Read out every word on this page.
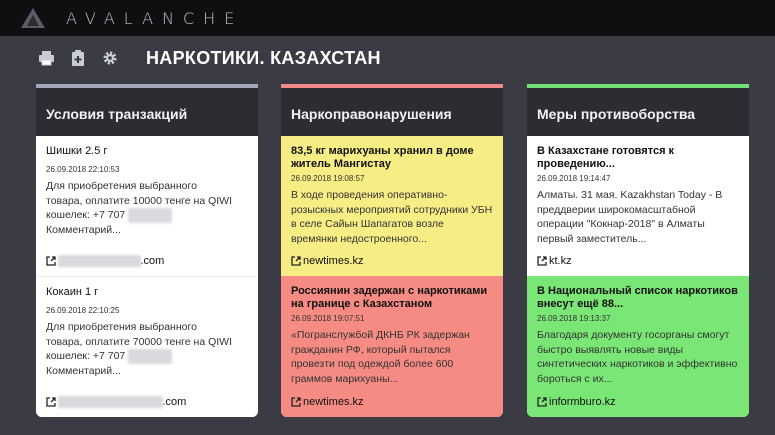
AVALANCHE
НАРКОТИКИ. КАЗАХСТАН
Условия транзакций
Шишки 2.5 г
26.09.2018 22:10:53
Для приобретения выбранного
товара, оплатите 10000 тенге на QIWI
кошелек: +7 707
Комментарий...
.com
Кокаин 1 г
26.09.2018 22:10:25
Для приобретения выбранного
товара, оплатите 70000 тенге на QIWI
кошелек: +7 707
Комментарий...
.com
Наркоправонарушения
83,5 кг марихуаны хранил в доме житель Мангистау
26.09.2018 19:08:57
В ходе проведения оперативно-розыскных мероприятий сотрудники УБН в селе Сайын Шапагатов возле времянки недостроенного...
newtimes.kz
Россиянин задержан с наркотиками на границе с Казахстаном
26.09.2018 19:07:51
«Погранслужбой ДКНБ РК задержан гражданин РФ, который пытался провезти под одеждой более 600 граммов марихуаны...
newtimes.kz
Меры противоборства
В Казахстане готовятся к проведению...
26.09.2018 19:14:47
Алматы. 31 мая. Kazakhstan Today - В преддверии широкомасштабной операции "Кокнар-2018" в Алматы первый заместитель...
kt.kz
В Национальный список наркотиков внесут ещё 88...
26.09.2018 19:13:37
Благодаря документу госорганы смогут быстро выявлять новые виды синтетических наркотиков и эффективно бороться с их...
informburo.kz
